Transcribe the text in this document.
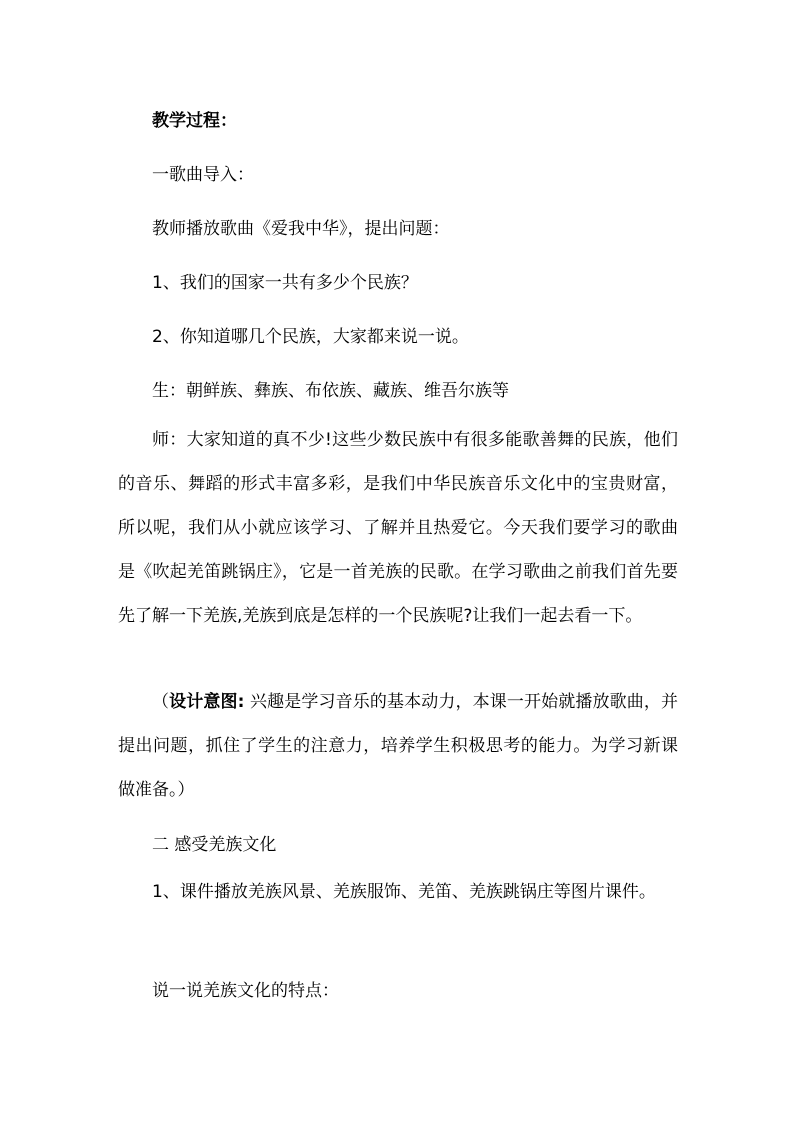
教学过程：
一歌曲导入：
教师播放歌曲《爱我中华》，提出问题：
1、我们的国家一共有多少个民族？
2、你知道哪几个民族，大家都来说一说。
生：朝鲜族、彝族、布依族、藏族、维吾尔族等
师：大家知道的真不少!这些少数民族中有很多能歌善舞的民族，他们的音乐、舞蹈的形式丰富多彩，是我们中华民族音乐文化中的宝贵财富，所以呢，我们从小就应该学习、了解并且热爱它。今天我们要学习的歌曲是《吹起羌笛跳锅庄》，它是一首羌族的民歌。在学习歌曲之前我们首先要先了解一下羌族,羌族到底是怎样的一个民族呢?让我们一起去看一下。
（设计意图: 兴趣是学习音乐的基本动力，本课一开始就播放歌曲，并提出问题，抓住了学生的注意力，培养学生积极思考的能力。为学习新课做准备。）
二 感受羌族文化
1、课件播放羌族风景、羌族服饰、羌笛、羌族跳锅庄等图片课件。
说一说羌族文化的特点：
